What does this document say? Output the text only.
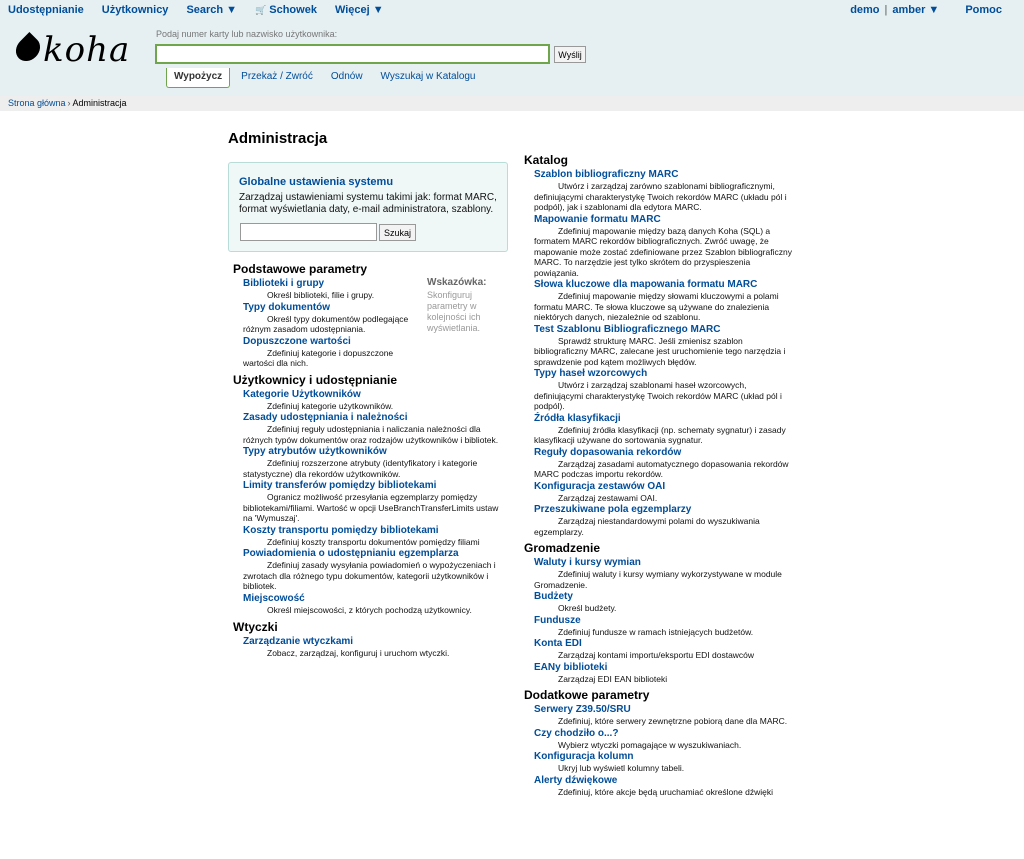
Udostępnianie Użytkownicy Search ▼ 🛒 Schowek Więcej ▼	demo | amber ▼ Pomoc
koha	Podaj numer karty lub nazwisko użytkownika:
Wyślij
Wypożycz	Przekaż / Zwróć	Odnów	Wyszukaj w Katalogu
Strona główna › Administracja
Administracja
Globalne ustawienia systemu
Zarządzaj ustawieniami systemu takimi jak: format MARC, format wyświetlania daty, e-mail administratora, szablony.
Szukaj
Wskazówka:
Skonfiguruj parametry w kolejności ich wyświetlania.
Podstawowe parametry
Biblioteki i grupy
Określ biblioteki, filie i grupy.
Typy dokumentów
Określ typy dokumentów podlegające różnym zasadom udostępniania.
Dopuszczone wartości
Zdefiniuj kategorie i dopuszczone wartości dla nich.
Użytkownicy i udostępnianie
Kategorie Użytkowników
Zdefiniuj kategorie użytkowników.
Zasady udostępniania i należności
Zdefiniuj reguły udostępniania i naliczania należności dla różnych typów dokumentów oraz rodzajów użytkowników i bibliotek.
Typy atrybutów użytkowników
Zdefiniuj rozszerzone atrybuty (identyfikatory i kategorie statystyczne) dla rekordów użytkowników.
Limity transferów pomiędzy bibliotekami
Ogranicz możliwość przesyłania egzemplarzy pomiędzy bibliotekami/filiami. Wartość w opcji UseBranchTransferLimits ustaw na 'Wymuszaj'.
Koszty transportu pomiędzy bibliotekami
Zdefiniuj koszty transportu dokumentów pomiędzy filiami
Powiadomienia o udostępnianiu egzemplarza
Zdefiniuj zasady wysyłania powiadomień o wypożyczeniach i zwrotach dla różnego typu dokumentów, kategorii użytkowników i bibliotek.
Miejscowość
Określ miejscowości, z których pochodzą użytkownicy.
Wtyczki
Zarządzanie wtyczkami
Zobacz, zarządzaj, konfiguruj i uruchom wtyczki.
Katalog
Szablon bibliograficzny MARC
Utwórz i zarządzaj zarówno szablonami bibliograficznymi, definiującymi charakterystykę Twoich rekordów MARC (układu pól i podpól), jak i szablonami dla edytora MARC.
Mapowanie formatu MARC
Zdefiniuj mapowanie między bazą danych Koha (SQL) a formatem MARC rekordów bibliograficznych. Zwróć uwagę, że mapowanie może zostać zdefiniowane przez Szablon bibliograficzny MARC. To narzędzie jest tylko skrótem do przyspieszenia powiązania.
Słowa kluczowe dla mapowania formatu MARC
Zdefiniuj mapowanie między słowami kluczowymi a polami formatu MARC. Te słowa kluczowe są używane do znalezienia niektórych danych, niezależnie od szablonu.
Test Szablonu Bibliograficznego MARC
Sprawdź strukturę MARC. Jeśli zmienisz szablon bibliograficzny MARC, zalecane jest uruchomienie tego narzędzia i sprawdzenie pod kątem możliwych błędów.
Typy haseł wzorcowych
Utwórz i zarządzaj szablonami haseł wzorcowych, definiującymi charakterystykę Twoich rekordów MARC (układ pól i podpól).
Źródła klasyfikacji
Zdefiniuj źródła klasyfikacji (np. schematy sygnatur) i zasady klasyfikacji używane do sortowania sygnatur.
Reguły dopasowania rekordów
Zarządzaj zasadami automatycznego dopasowania rekordów MARC podczas importu rekordów.
Konfiguracja zestawów OAI
Zarządzaj zestawami OAI.
Przeszukiwane pola egzemplarzy
Zarządzaj niestandardowymi polami do wyszukiwania egzemplarzy.
Gromadzenie
Waluty i kursy wymian
Zdefiniuj waluty i kursy wymiany wykorzystywane w module Gromadzenie.
Budżety
Określ budżety.
Fundusze
Zdefiniuj fundusze w ramach istniejących budżetów.
Konta EDI
Zarządzaj kontami importu/eksportu EDI dostawców
EANy biblioteki
Zarządzaj EDI EAN biblioteki
Dodatkowe parametry
Serwery Z39.50/SRU
Zdefiniuj, które serwery zewnętrzne pobiorą dane dla MARC.
Czy chodziło o...?
Wybierz wtyczki pomagające w wyszukiwaniach.
Konfiguracja kolumn
Ukryj lub wyświetl kolumny tabeli.
Alerty dźwiękowe
Zdefiniuj, które akcje będą uruchamiać określone dźwięki
